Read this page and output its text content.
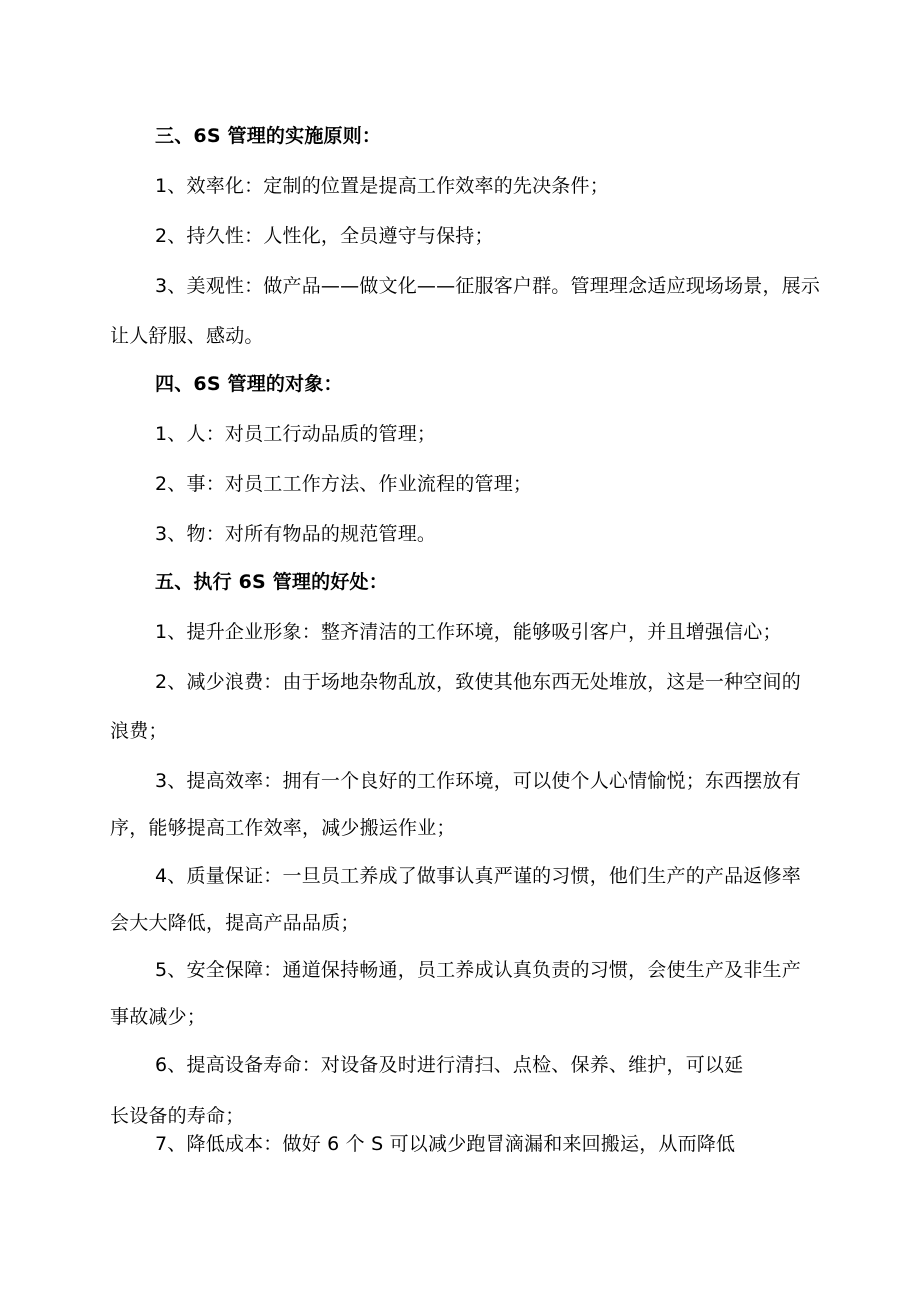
三、6S 管理的实施原则：
1、效率化：定制的位置是提高工作效率的先决条件；
2、持久性：人性化，全员遵守与保持；
3、美观性：做产品——做文化——征服客户群。管理理念适应现场场景，展示
让人舒服、感动。
四、6S 管理的对象：
1、人：对员工行动品质的管理；
2、事：对员工工作方法、作业流程的管理；
3、物：对所有物品的规范管理。
五、执行 6S 管理的好处：
1、提升企业形象：整齐清洁的工作环境，能够吸引客户，并且增强信心；
2、减少浪费：由于场地杂物乱放，致使其他东西无处堆放，这是一种空间的
浪费；
3、提高效率：拥有一个良好的工作环境，可以使个人心情愉悦；东西摆放有
序，能够提高工作效率，减少搬运作业；
4、质量保证：一旦员工养成了做事认真严谨的习惯，他们生产的产品返修率
会大大降低，提高产品品质；
5、安全保障：通道保持畅通，员工养成认真负责的习惯，会使生产及非生产
事故减少；
6、提高设备寿命：对设备及时进行清扫、点检、保养、维护，可以延
长设备的寿命；
7、降低成本：做好 6 个 S 可以减少跑冒滴漏和来回搬运，从而降低
